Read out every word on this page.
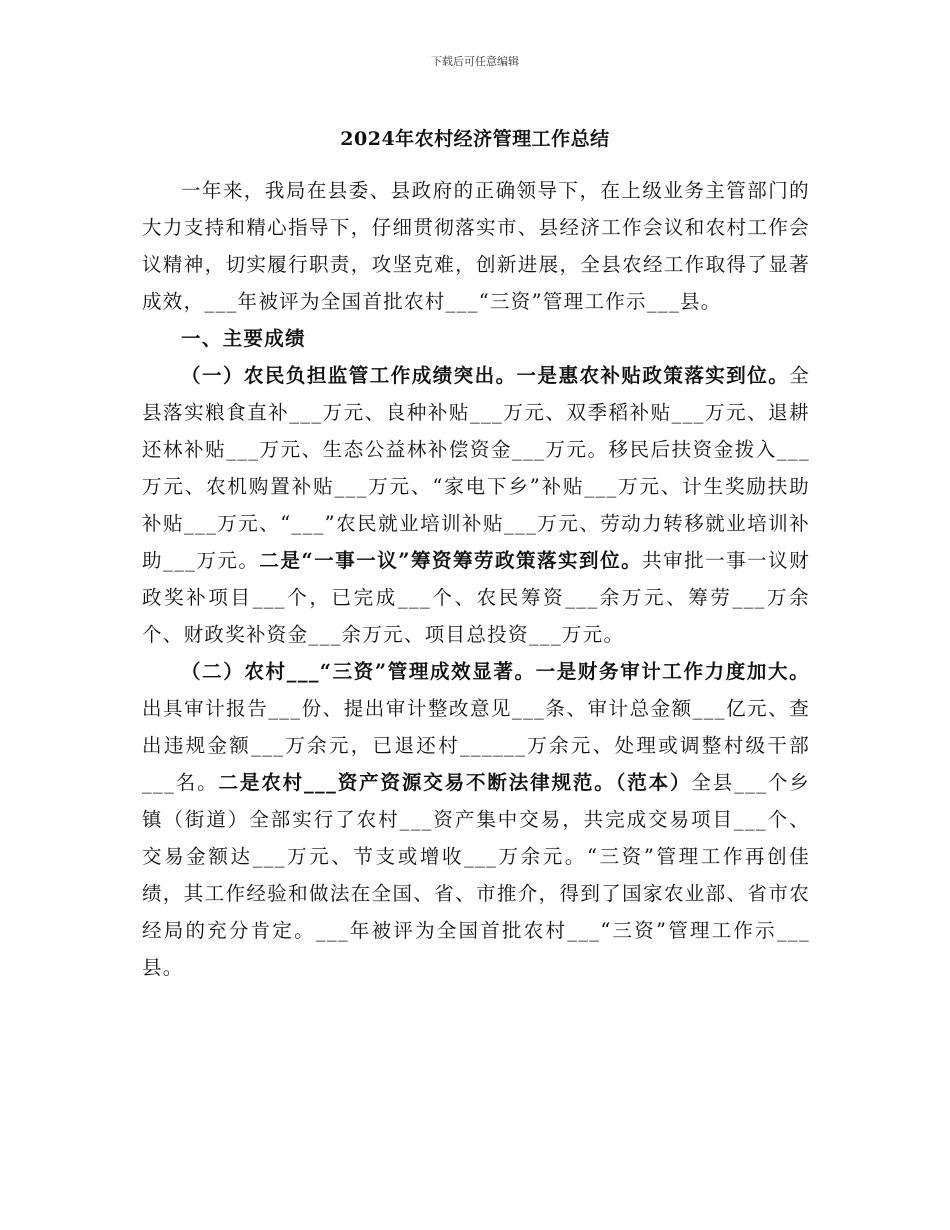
下载后可任意编辑
2024年农村经济管理工作总结

一年来，我局在县委、县政府的正确领导下，在上级业务主管部门的大力支持和精心指导下，仔细贯彻落实市、县经济工作会议和农村工作会议精神，切实履行职责，攻坚克难，创新进展，全县农经工作取得了显著成效，___年被评为全国首批农村___“三资”管理工作示___县。

一、主要成绩

（一）农民负担监管工作成绩突出。一是惠农补贴政策落实到位。全县落实粮食直补___万元、良种补贴___万元、双季稻补贴___万元、退耕还林补贴___万元、生态公益林补偿资金___万元。移民后扶资金拨入___万元、农机购置补贴___万元、“家电下乡”补贴___万元、计生奖励扶助补贴___万元、“___”农民就业培训补贴___万元、劳动力转移就业培训补助___万元。二是“一事一议”筹资筹劳政策落实到位。共审批一事一议财政奖补项目___个，已完成___个、农民筹资___余万元、筹劳___万余个、财政奖补资金___余万元、项目总投资___万元。

（二）农村___“三资”管理成效显著。一是财务审计工作力度加大。出具审计报告___份、提出审计整改意见___条、审计总金额___亿元、查出违规金额___万余元，已退还村______万余元、处理或调整村级干部___名。二是农村___资产资源交易不断法律规范。（范本）全县___个乡镇（街道）全部实行了农村___资产集中交易，共完成交易项目___个、交易金额达___万元、节支或增收___万余元。“三资”管理工作再创佳绩，其工作经验和做法在全国、省、市推介，得到了国家农业部、省市农经局的充分肯定。___年被评为全国首批农村___“三资”管理工作示___县。
